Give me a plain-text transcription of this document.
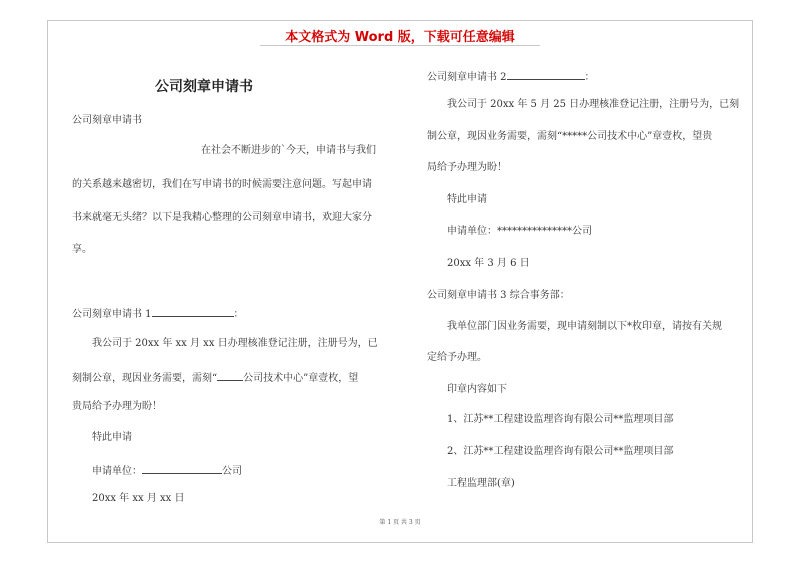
本文格式为 Word 版，下载可任意编辑
公司刻章申请书
公司刻章申请书
在社会不断进步的`今天，申请书与我们
的关系越来越密切，我们在写申请书的时候需要注意问题。写起申请
书来就毫无头绪？以下是我精心整理的公司刻章申请书，欢迎大家分
享。
公司刻章申请书 1	：
我公司于 20xx 年 xx 月 xx 日办理核准登记注册，注册号为，已
刻制公章，现因业务需要，需刻“	公司技术中心”章壹枚，望
贵局给予办理为盼！
特此申请
申请单位：	公司
20xx 年 xx 月 xx 日
公司刻章申请书 2	：
我公司于 20xx 年 5 月 25 日办理核准登记注册，注册号为，已刻
制公章，现因业务需要，需刻“*****公司技术中心”章壹枚，望贵
局给予办理为盼！
特此申请
申请单位：***************公司
20xx 年 3 月 6 日
公司刻章申请书 3 综合事务部：
我单位部门因业务需要，现申请刻制以下*枚印章，请按有关规
定给予办理。
印章内容如下
1、江苏**工程建设监理咨询有限公司**监理项目部
2、江苏**工程建设监理咨询有限公司**监理项目部
工程监理部(章)
第 1 页 共 3 页
